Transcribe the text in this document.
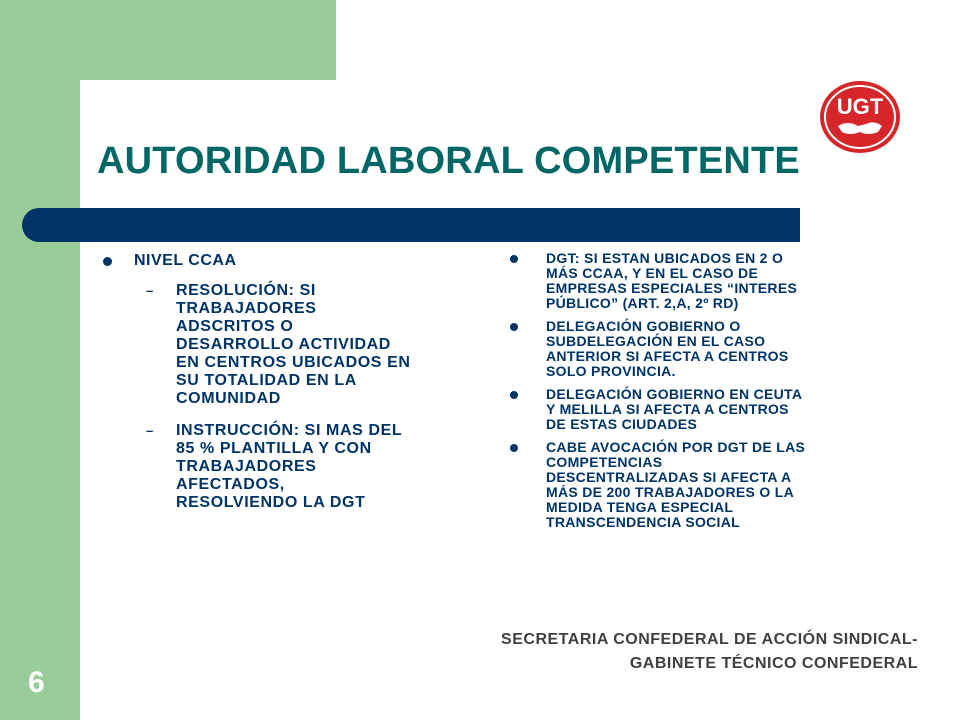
UGT
AUTORIDAD LABORAL COMPETENTE
NIVEL CCAA
– RESOLUCIÓN: SI
TRABAJADORES
ADSCRITOS O
DESARROLLO ACTIVIDAD
EN CENTROS UBICADOS EN
SU TOTALIDAD EN LA
COMUNIDAD
– INSTRUCCIÓN: SI MAS DEL
85 % PLANTILLA Y CON
TRABAJADORES
AFECTADOS,
RESOLVIENDO LA DGT
DGT: SI ESTAN UBICADOS EN 2 O
MÁS CCAA, Y EN EL CASO DE
EMPRESAS ESPECIALES “INTERES
PÚBLICO” (ART. 2,A, 2º RD)
DELEGACIÓN GOBIERNO O
SUBDELEGACIÓN EN EL CASO
ANTERIOR SI AFECTA A CENTROS
SOLO PROVINCIA.
DELEGACIÓN GOBIERNO EN CEUTA
Y MELILLA SI AFECTA A CENTROS
DE ESTAS CIUDADES
CABE AVOCACIÓN POR DGT DE LAS
COMPETENCIAS
DESCENTRALIZADAS SI AFECTA A
MÁS DE 200 TRABAJADORES O LA
MEDIDA TENGA ESPECIAL
TRANSCENDENCIA SOCIAL
SECRETARIA CONFEDERAL DE ACCIÓN SINDICAL-
GABINETE TÉCNICO CONFEDERAL
6
